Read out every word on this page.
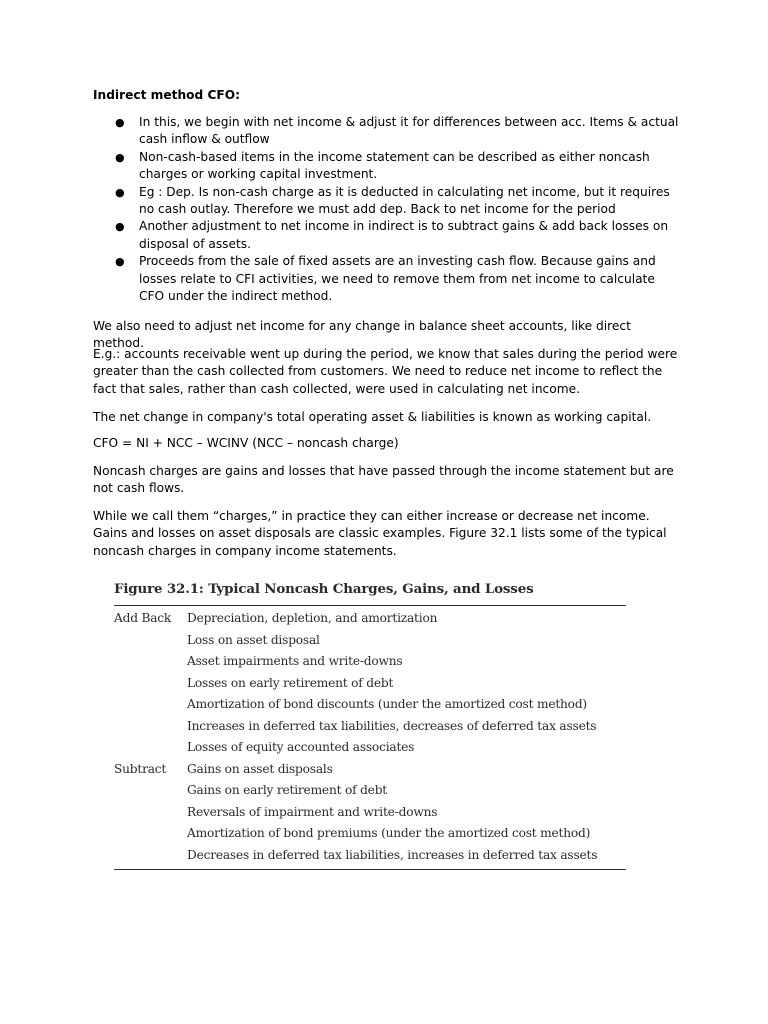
Indirect method CFO:
● In this, we begin with net income & adjust it for differences between acc. Items & actual cash inflow & outflow
● Non-cash-based items in the income statement can be described as either noncash charges or working capital investment.
● Eg : Dep. Is non-cash charge as it is deducted in calculating net income, but it requires no cash outlay. Therefore we must add dep. Back to net income for the period
● Another adjustment to net income in indirect is to subtract gains & add back losses on disposal of assets.
● Proceeds from the sale of fixed assets are an investing cash flow. Because gains and losses relate to CFI activities, we need to remove them from net income to calculate CFO under the indirect method.
We also need to adjust net income for any change in balance sheet accounts, like direct method.
E.g.: accounts receivable went up during the period, we know that sales during the period were greater than the cash collected from customers. We need to reduce net income to reflect the fact that sales, rather than cash collected, were used in calculating net income.
The net change in company's total operating asset & liabilities is known as working capital.
CFO = NI + NCC – WCINV (NCC – noncash charge)
Noncash charges are gains and losses that have passed through the income statement but are not cash flows.
While we call them “charges,” in practice they can either increase or decrease net income. Gains and losses on asset disposals are classic examples. Figure 32.1 lists some of the typical noncash charges in company income statements.
Figure 32.1: Typical Noncash Charges, Gains, and Losses
Add Back	Depreciation, depletion, and amortization
	Loss on asset disposal
	Asset impairments and write-downs
	Losses on early retirement of debt
	Amortization of bond discounts (under the amortized cost method)
	Increases in deferred tax liabilities, decreases of deferred tax assets
	Losses of equity accounted associates
Subtract	Gains on asset disposals
	Gains on early retirement of debt
	Reversals of impairment and write-downs
	Amortization of bond premiums (under the amortized cost method)
	Decreases in deferred tax liabilities, increases in deferred tax assets
